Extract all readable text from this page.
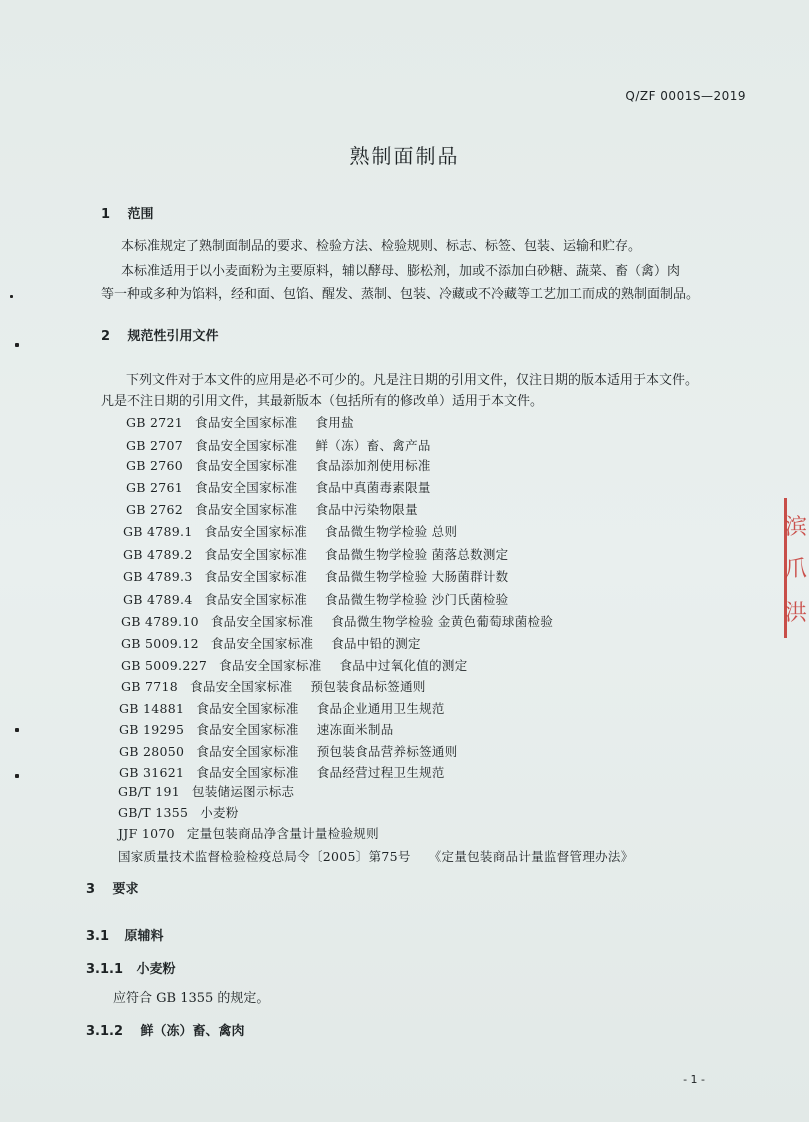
Q/ZF 0001S—2019
熟制面制品
1 范围
本标准规定了熟制面制品的要求、检验方法、检验规则、标志、标签、包装、运输和贮存。
本标准适用于以小麦面粉为主要原料，辅以酵母、膨松剂，加或不添加白砂糖、蔬菜、畜（禽）肉
等一种或多种为馅料，经和面、包馅、醒发、蒸制、包装、冷藏或不冷藏等工艺加工而成的熟制面制品。
2 规范性引用文件
下列文件对于本文件的应用是必不可少的。凡是注日期的引用文件，仅注日期的版本适用于本文件。
凡是不注日期的引用文件，其最新版本（包括所有的修改单）适用于本文件。
GB 2721 食品安全国家标准 食用盐
GB 2707 食品安全国家标准 鲜（冻）畜、禽产品
GB 2760 食品安全国家标准 食品添加剂使用标准
GB 2761 食品安全国家标准 食品中真菌毒素限量
GB 2762 食品安全国家标准 食品中污染物限量
GB 4789.1 食品安全国家标准 食品微生物学检验 总则
GB 4789.2 食品安全国家标准 食品微生物学检验 菌落总数测定
GB 4789.3 食品安全国家标准 食品微生物学检验 大肠菌群计数
GB 4789.4 食品安全国家标准 食品微生物学检验 沙门氏菌检验
GB 4789.10 食品安全国家标准 食品微生物学检验 金黄色葡萄球菌检验
GB 5009.12 食品安全国家标准 食品中铅的测定
GB 5009.227 食品安全国家标准 食品中过氧化值的测定
GB 7718 食品安全国家标准 预包装食品标签通则
GB 14881 食品安全国家标准 食品企业通用卫生规范
GB 19295 食品安全国家标准 速冻面米制品
GB 28050 食品安全国家标准 预包装食品营养标签通则
GB 31621 食品安全国家标准 食品经营过程卫生规范
GB/T 191 包装储运图示标志
GB/T 1355 小麦粉
JJF 1070 定量包装商品净含量计量检验规则
国家质量技术监督检验检疫总局令〔2005〕第75号 《定量包装商品计量监督管理办法》
3 要求
3.1 原辅料
3.1.1 小麦粉
应符合 GB 1355 的规定。
3.1.2 鲜（冻）畜、禽肉
- 1 -
滨
爪
洪
